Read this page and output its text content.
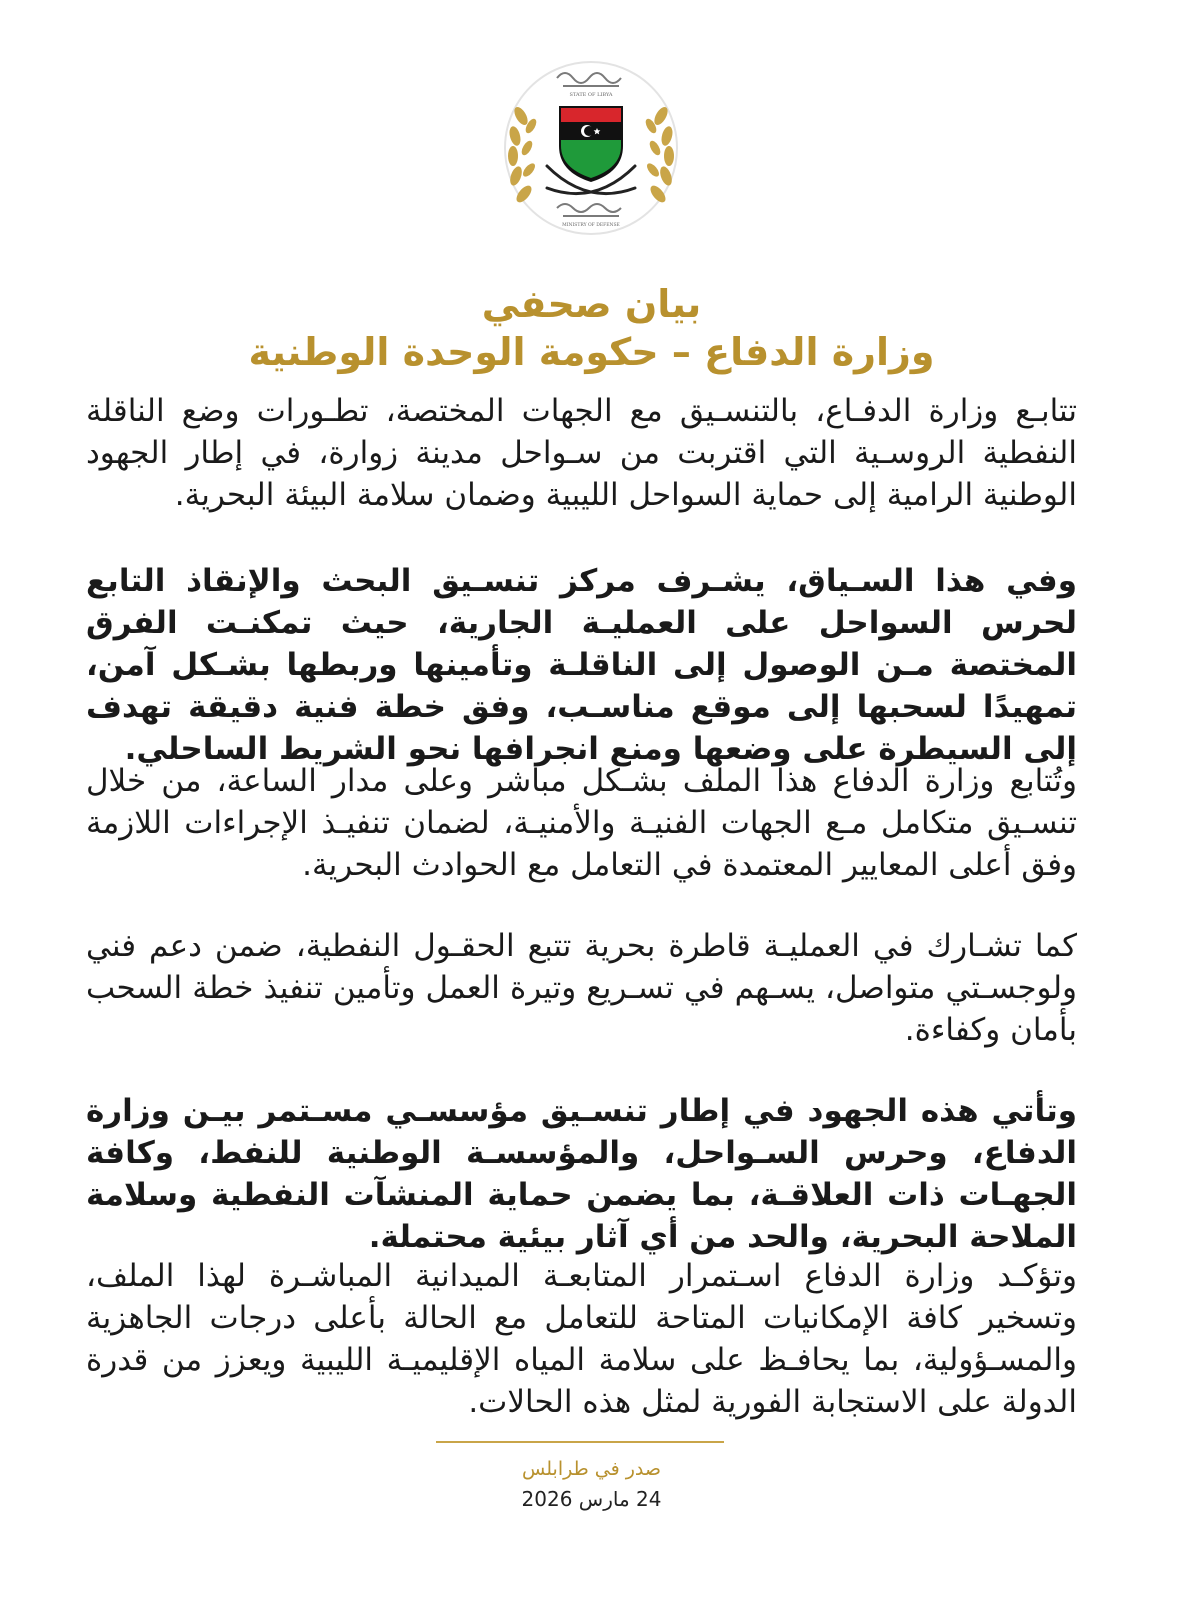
STATE OF LIBYA
MINISTRY OF DEFENSE
بيان صحفي
وزارة الدفاع – حكومة الوحدة الوطنية

تتابـع وزارة الدفـاع، بالتنسـيق مع الجهات المختصة، تطـورات وضع الناقلة النفطية الروسـية التي اقتربت من سـواحل مدينة زوارة، في إطار الجهود الوطنية الرامية إلى حماية السواحل الليبية وضمان سلامة البيئة البحرية.

وفي هذا السـياق، يشـرف مركز تنسـيق البحث والإنقاذ التابع لحرس السواحل على العمليـة الجارية، حيث تمكنـت الفرق المختصة مـن الوصول إلى الناقلـة وتأمينها وربطها بشـكل آمن، تمهيدًا لسحبها إلى موقع مناسـب، وفق خطة فنية دقيقة تهدف إلى السيطرة على وضعها ومنع انجرافها نحو الشريط الساحلي.

وتُتابع وزارة الدفاع هذا الملف بشـكل مباشر وعلى مدار الساعة، من خلال تنسـيق متكامل مـع الجهات الفنيـة والأمنيـة، لضمان تنفيـذ الإجراءات اللازمة وفق أعلى المعايير المعتمدة في التعامل مع الحوادث البحرية.

كما تشـارك في العمليـة قاطرة بحرية تتبع الحقـول النفطية، ضمن دعم فني ولوجسـتي متواصل، يسـهم في تسـريع وتيرة العمل وتأمين تنفيذ خطة السحب بأمان وكفاءة.

وتأتي هذه الجهود في إطار تنسـيق مؤسسـي مسـتمر بيـن وزارة الدفاع، وحرس السـواحل، والمؤسسـة الوطنية للنفط، وكافة الجهـات ذات العلاقـة، بما يضمن حماية المنشآت النفطية وسلامة الملاحة البحرية، والحد من أي آثار بيئية محتملة.

وتؤكـد وزارة الدفاع اسـتمرار المتابعـة الميدانية المباشـرة لهذا الملف، وتسخير كافة الإمكانيات المتاحة للتعامل مع الحالة بأعلى درجات الجاهزية والمسـؤولية، بما يحافـظ على سلامة المياه الإقليميـة الليبية ويعزز من قدرة الدولة على الاستجابة الفورية لمثل هذه الحالات.

صدر في طرابلس
24 مارس 2026
